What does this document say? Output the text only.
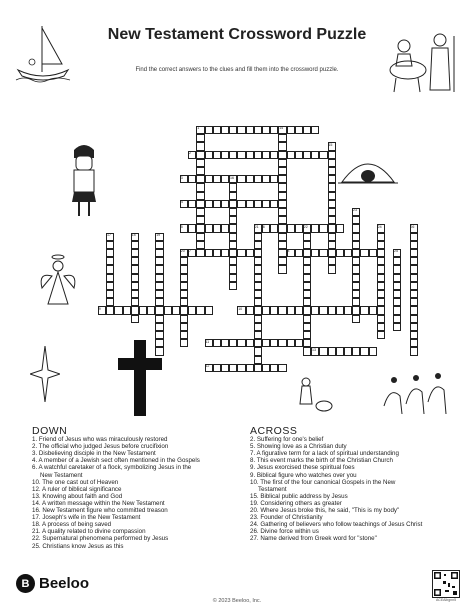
New Testament Crossword Puzzle
Find the correct answers to the clues and fill them into the crossword puzzle.
1
2
3
4
5	6
7	8
9	10
11
12
13
14
15
16
17	18	19
20
21	22
23
24
25
26
DOWN
1. Friend of Jesus who was miraculously restored
2. The official who judged Jesus before crucifixion
3. Disbelieving disciple in the New Testament
4. A member of a Jewish sect often mentioned in the Gospels
6. A watchful caretaker of a flock, symbolizing Jesus in the
New Testament
10. The one cast out of Heaven
12. A ruler of biblical significance
13. Knowing about faith and God
14. A written message within the New Testament
16. New Testament figure who committed treason
17. Joseph's wife in the New Testament
18. A process of being saved
21. A quality related to divine compassion
22. Supernatural phenomena performed by Jesus
25. Christians know Jesus as this
ACROSS
2. Suffering for one's belief
5. Showing love as a Christian duty
7. A figurative term for a lack of spiritual understanding
8. This event marks the birth of the Christian Church
9. Jesus exorcised these spiritual foes
9. Biblical figure who watches over you
10. The first of the four canonical Gospels in the New
Testament
15. Biblical public address by Jesus
19. Considering others as greater
20. Where Jesus broke this, he said, "This is my body"
23. Founder of Christianity
24. Gathering of believers who follow teachings of Jesus Christ
26. Divine force within us
27. Name derived from Greek word for "stone"
B Beeloo
© 2023 Beeloo, Inc.	ACEAlbgnn5
